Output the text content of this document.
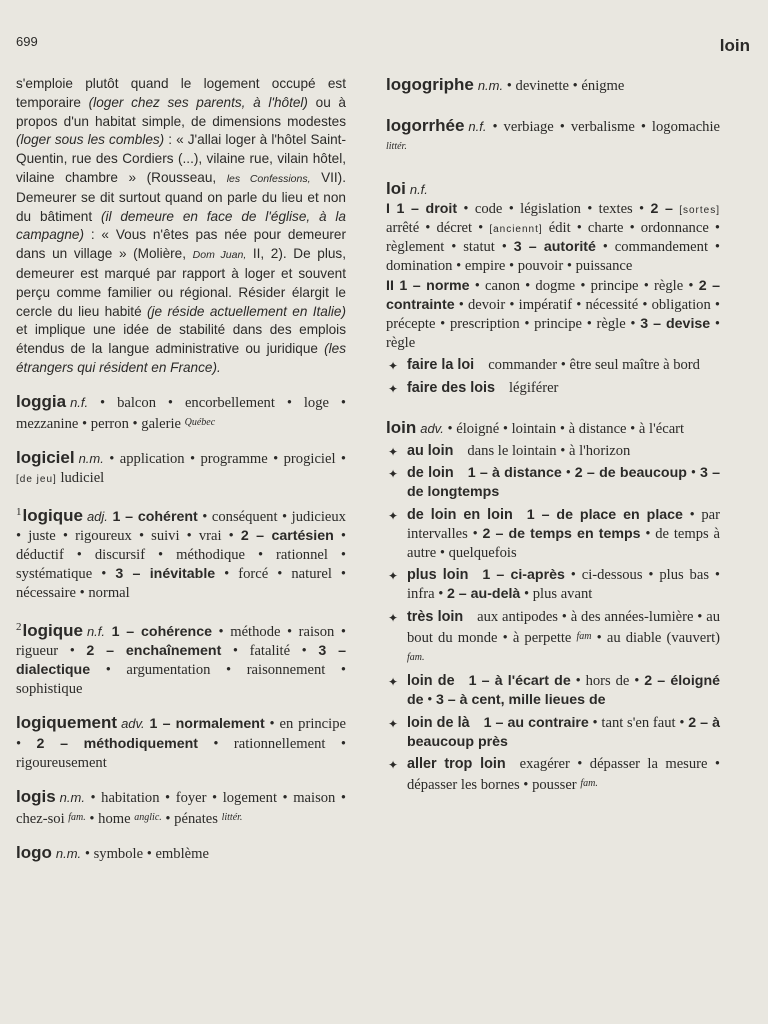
699	loin

s'emploie plutôt quand le logement occupé est temporaire (loger chez ses parents, à l'hôtel) ou à propos d'un habitat simple, de dimensions modestes (loger sous les combles) : « J'allai loger à l'hôtel Saint-Quentin, rue des Cordiers (...), vilaine rue, vilain hôtel, vilaine chambre » (Rousseau, les Confessions, VII). Demeurer se dit surtout quand on parle du lieu et non du bâtiment (il demeure en face de l'église, à la campagne) : « Vous n'êtes pas née pour demeurer dans un village » (Molière, Dom Juan, II, 2). De plus, demeurer est marqué par rapport à loger et souvent perçu comme familier ou régional. Résider élargit le cercle du lieu habité (je réside actuellement en Italie) et implique une idée de stabilité dans des emplois étendus de la langue administrative ou juridique (les étrangers qui résident en France).

loggia n.f. • balcon • encorbellement • loge • mezzanine • perron • galerie $^{Québec}$
logiciel n.m. • application • programme • progiciel • [de jeu] ludiciel
$^1$logique adj. 1 – cohérent • conséquent • judicieux • juste • rigoureux • suivi • vrai • 2 – cartésien • déductif • discursif • méthodique • rationnel • systématique • 3 – inévitable • forcé • naturel • nécessaire • normal
$^2$logique n.f. 1 – cohérence • méthode • raison • rigueur • 2 – enchaînement • fatalité • 3 – dialectique • argumentation • raisonnement • sophistique
logiquement adv. 1 – normalement • en principe • 2 – méthodiquement • rationnellement • rigoureusement
logis n.m. • habitation • foyer • logement • maison • chez-soi $^{fam.}$ • home $^{anglic.}$ • pénates $^{littér.}$
logo n.m. • symbole • emblème
logogriphe n.m. • devinette • énigme
logorrhée n.f. • verbiage • verbalisme • logomachie $^{littér.}$
loi n.f.
I 1 – droit • code • législation • textes • 2 – [sortes] arrêté • décret • [anciennt] édit • charte • ordonnance • règlement • statut • 3 – autorité • commandement • domination • empire • pouvoir • puissance
II 1 – norme • canon • dogme • principe • règle • 2 – contrainte • devoir • impératif • nécessité • obligation • précepte • prescription • principe • règle • 3 – devise • règle
✦ faire la loi commander • être seul maître à bord
✦ faire des lois légiférer
loin adv. • éloigné • lointain • à distance • à l'écart
✦ au loin dans le lointain • à l'horizon
✦ de loin 1 – à distance • 2 – de beaucoup • 3 – de longtemps
✦ de loin en loin 1 – de place en place • par intervalles • 2 – de temps en temps • de temps à autre • quelquefois
✦ plus loin 1 – ci-après • ci-dessous • plus bas • infra • 2 – au-delà • plus avant
✦ très loin aux antipodes • à des années-lumière • au bout du monde • à perpette $^{fam}$ • au diable (vauvert) $^{fam.}$
✦ loin de 1 – à l'écart de • hors de • 2 – éloigné de • 3 – à cent, mille lieues de
✦ loin de là 1 – au contraire • tant s'en faut • 2 – à beaucoup près
✦ aller trop loin exagérer • dépasser la mesure • dépasser les bornes • pousser $^{fam.}$
